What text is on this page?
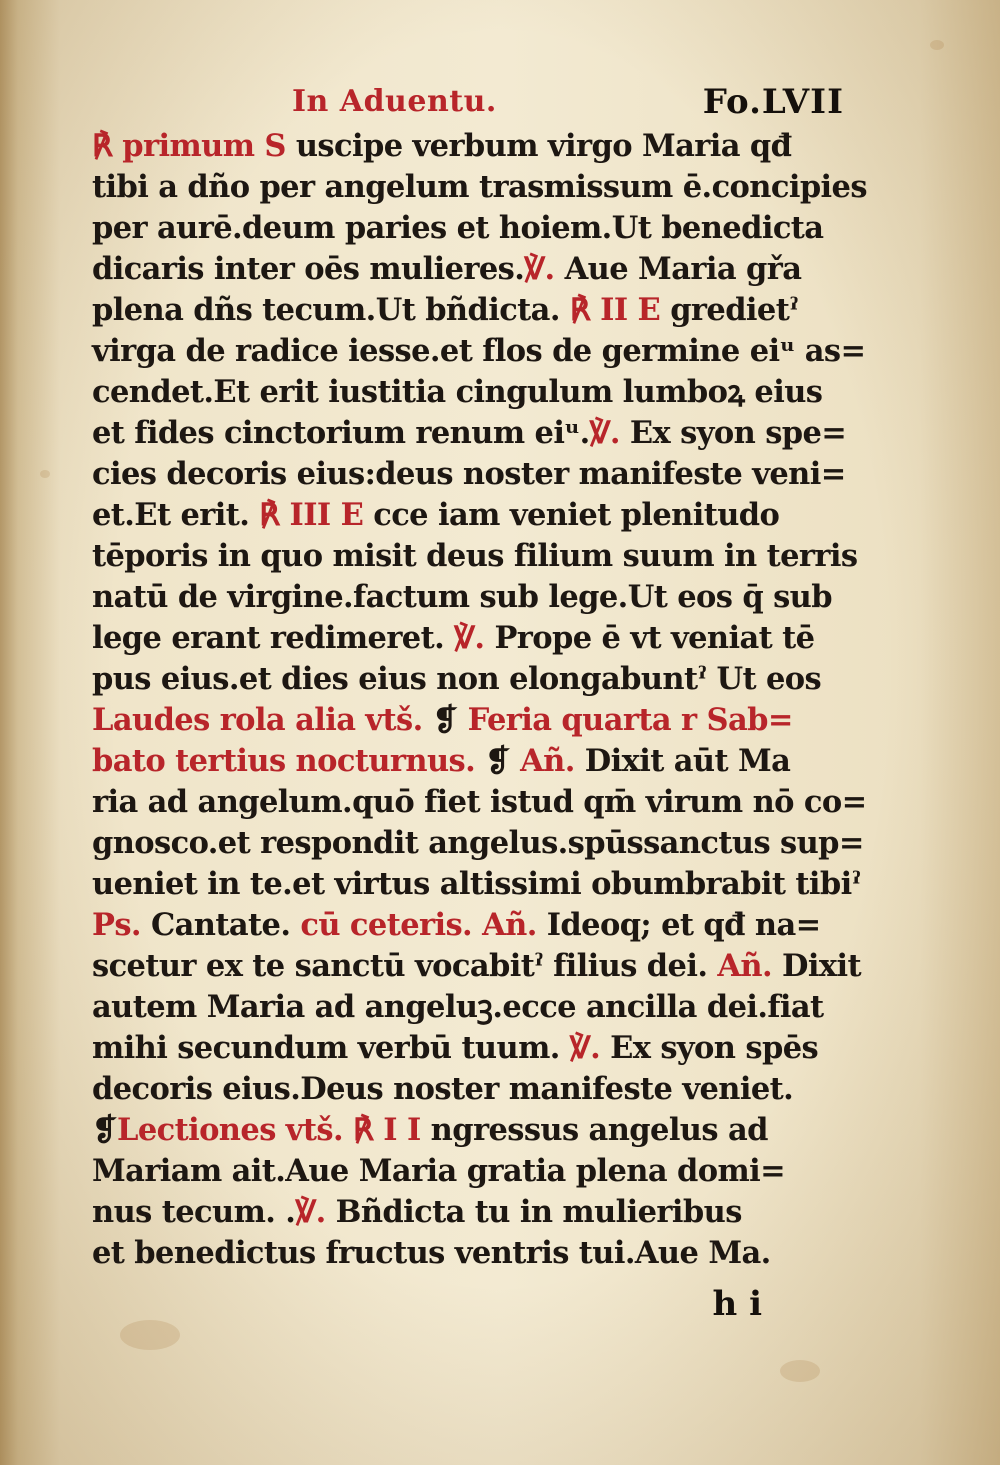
In Aduentu.	Fo.LVII
℟ primum S uscipe verbum virgo Maria qđ
tibi a dño per angelum trasmissum ē.concipies
per aurē.deum paries et hoiem.Ut benedicta
dicaris inter oēs mulieres.℣. Aue Maria gřa
plena dñs tecum.Ut bñdicta. ℟ II E gredietˀ
virga de radice iesse.et flos de germine eiᵘ as=
cendet.Et erit iustitia cingulum lumboꝝ eius
et fides cinctorium renum eiᵘ.℣. Ex syon spe=
cies decoris eius:deus noster manifeste veni=
et.Et erit. ℟ III E cce iam veniet plenitudo
tēporis in quo misit deus filium suum in terris
natū de virgine.factum sub lege.Ut eos q̄ sub
lege erant redimeret. ℣. Prope ē vt veniat tē
pus eius.et dies eius non elongabuntˀ Ut eos
Laudes rola alia vtš. ❡ Feria quarta r Sab=
bato tertius nocturnus. ❡ Añ. Dixit aūt Ma
ria ad angelum.quō fiet istud qm̄ virum nō co=
gnosco.et respondit angelus.spūssanctus sup=
ueniet in te.et virtus altissimi obumbrabit tibiˀ
Ps. Cantate. cū ceteris. Añ. Ideoq; et qđ na=
scetur ex te sanctū vocabitˀ filius dei. Añ. Dixit
autem Maria ad angeluꝫ.ecce ancilla dei.fiat
mihi secundum verbū tuum. ℣. Ex syon spēs
decoris eius.Deus noster manifeste veniet.
❡Lectiones vtš. ℟ I I ngressus angelus ad
Mariam ait.Aue Maria gratia plena domi=
nus tecum. .℣. Bñdicta tu in mulieribus
et benedictus fructus ventris tui.Aue Ma.
h i
